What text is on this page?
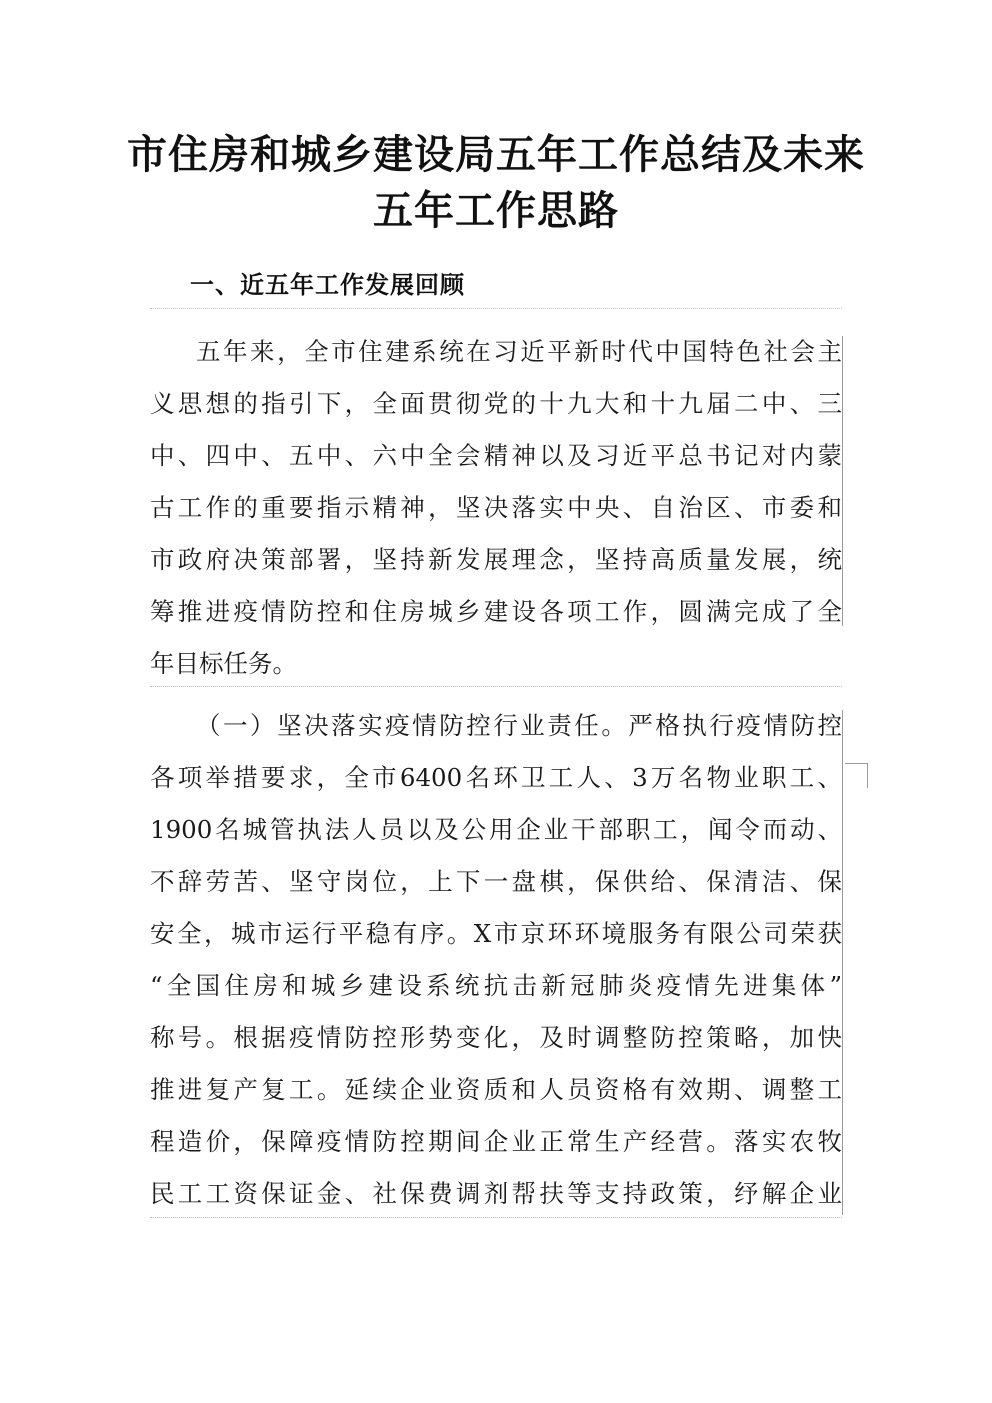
市住房和城乡建设局五年工作总结及未来
五年工作思路
一、近五年工作发展回顾
五年来，全市住建系统在习近平新时代中国特色社会主
义思想的指引下，全面贯彻党的十九大和十九届二中、三
中、四中、五中、六中全会精神以及习近平总书记对内蒙
古工作的重要指示精神，坚决落实中央、自治区、市委和
市政府决策部署，坚持新发展理念，坚持高质量发展，统
筹推进疫情防控和住房城乡建设各项工作，圆满完成了全
年目标任务。
（一）坚决落实疫情防控行业责任。严格执行疫情防控
各项举措要求，全市6400名环卫工人、3万名物业职工、
1900名城管执法人员以及公用企业干部职工，闻令而动、
不辞劳苦、坚守岗位，上下一盘棋，保供给、保清洁、保
安全，城市运行平稳有序。X市京环环境服务有限公司荣获
“全国住房和城乡建设系统抗击新冠肺炎疫情先进集体”
称号。根据疫情防控形势变化，及时调整防控策略，加快
推进复产复工。延续企业资质和人员资格有效期、调整工
程造价，保障疫情防控期间企业正常生产经营。落实农牧
民工工资保证金、社保费调剂帮扶等支持政策，纾解企业
